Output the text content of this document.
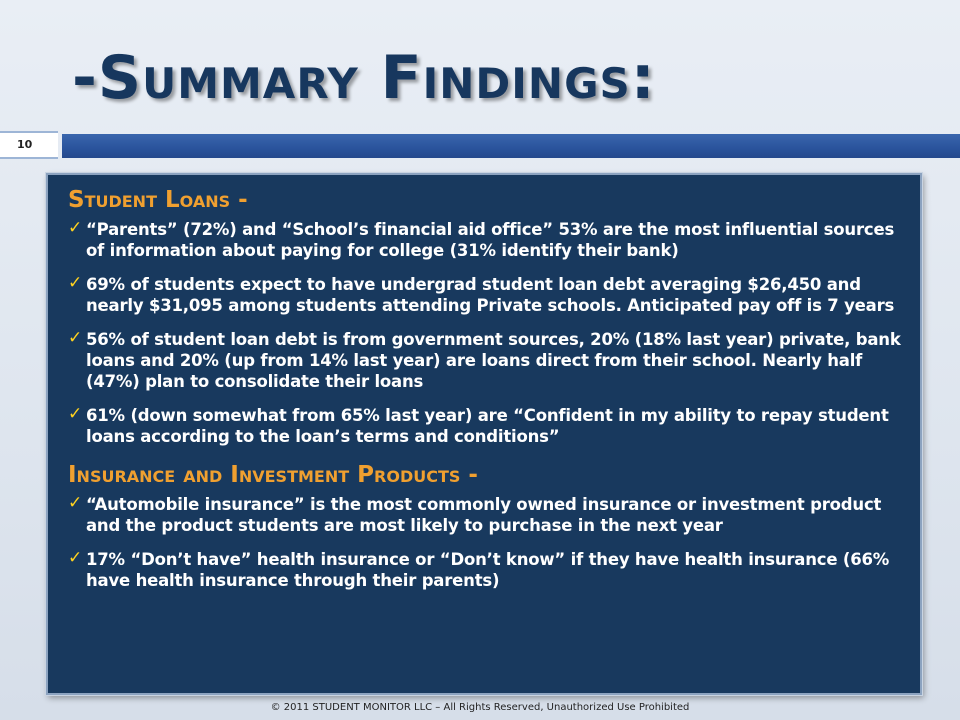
-Summary Findings:
10
Student Loans -
✓ “Parents” (72%) and “School’s financial aid office” 53% are the most influential sources of information about paying for college (31% identify their bank)
✓ 69% of students expect to have undergrad student loan debt averaging $26,450 and nearly $31,095 among students attending Private schools. Anticipated pay off is 7 years
✓ 56% of student loan debt is from government sources, 20% (18% last year) private, bank loans and 20% (up from 14% last year) are loans direct from their school. Nearly half (47%) plan to consolidate their loans
✓ 61% (down somewhat from 65% last year) are “Confident in my ability to repay student loans according to the loan’s terms and conditions”
Insurance and Investment Products -
✓ “Automobile insurance” is the most commonly owned insurance or investment product and the product students are most likely to purchase in the next year
✓ 17% “Don’t have” health insurance or “Don’t know” if they have health insurance (66% have health insurance through their parents)
© 2011 STUDENT MONITOR LLC – All Rights Reserved, Unauthorized Use Prohibited
